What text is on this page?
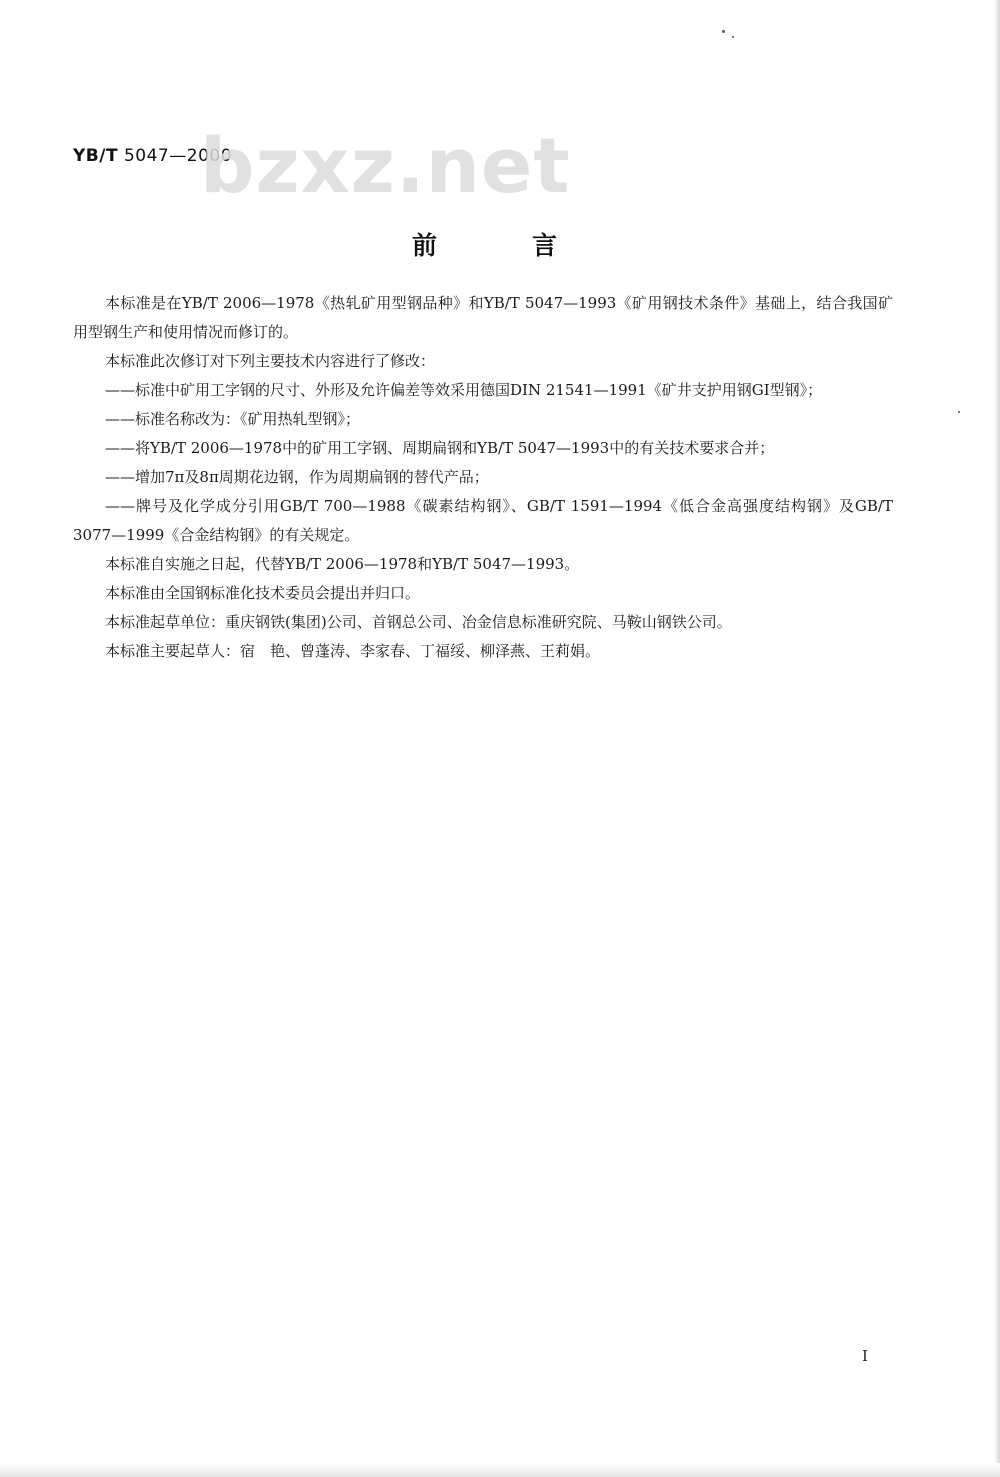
YB/T 5047—2000
bzxz.net
前言

本标准是在YB/T 2006—1978《热轧矿用型钢品种》和YB/T 5047—1993《矿用钢技术条件》基础上，结合我国矿用型钢生产和使用情况而修订的。

本标准此次修订对下列主要技术内容进行了修改：

——标准中矿用工字钢的尺寸、外形及允许偏差等效采用德国DIN 21541—1991《矿井支护用钢GI型钢》；

——标准名称改为：《矿用热轧型钢》；

——将YB/T 2006—1978中的矿用工字钢、周期扁钢和YB/T 5047—1993中的有关技术要求合并；

——增加7π及8π周期花边钢，作为周期扁钢的替代产品；

——牌号及化学成分引用GB/T 700—1988《碳素结构钢》、GB/T 1591—1994《低合金高强度结构钢》及GB/T 3077—1999《合金结构钢》的有关规定。

本标准自实施之日起，代替YB/T 2006—1978和YB/T 5047—1993。

本标准由全国钢标准化技术委员会提出并归口。

本标准起草单位：重庆钢铁(集团)公司、首钢总公司、冶金信息标准研究院、马鞍山钢铁公司。

本标准主要起草人：宿　艳、曾蓬涛、李家春、丁福绥、柳泽燕、王莉娟。

I
